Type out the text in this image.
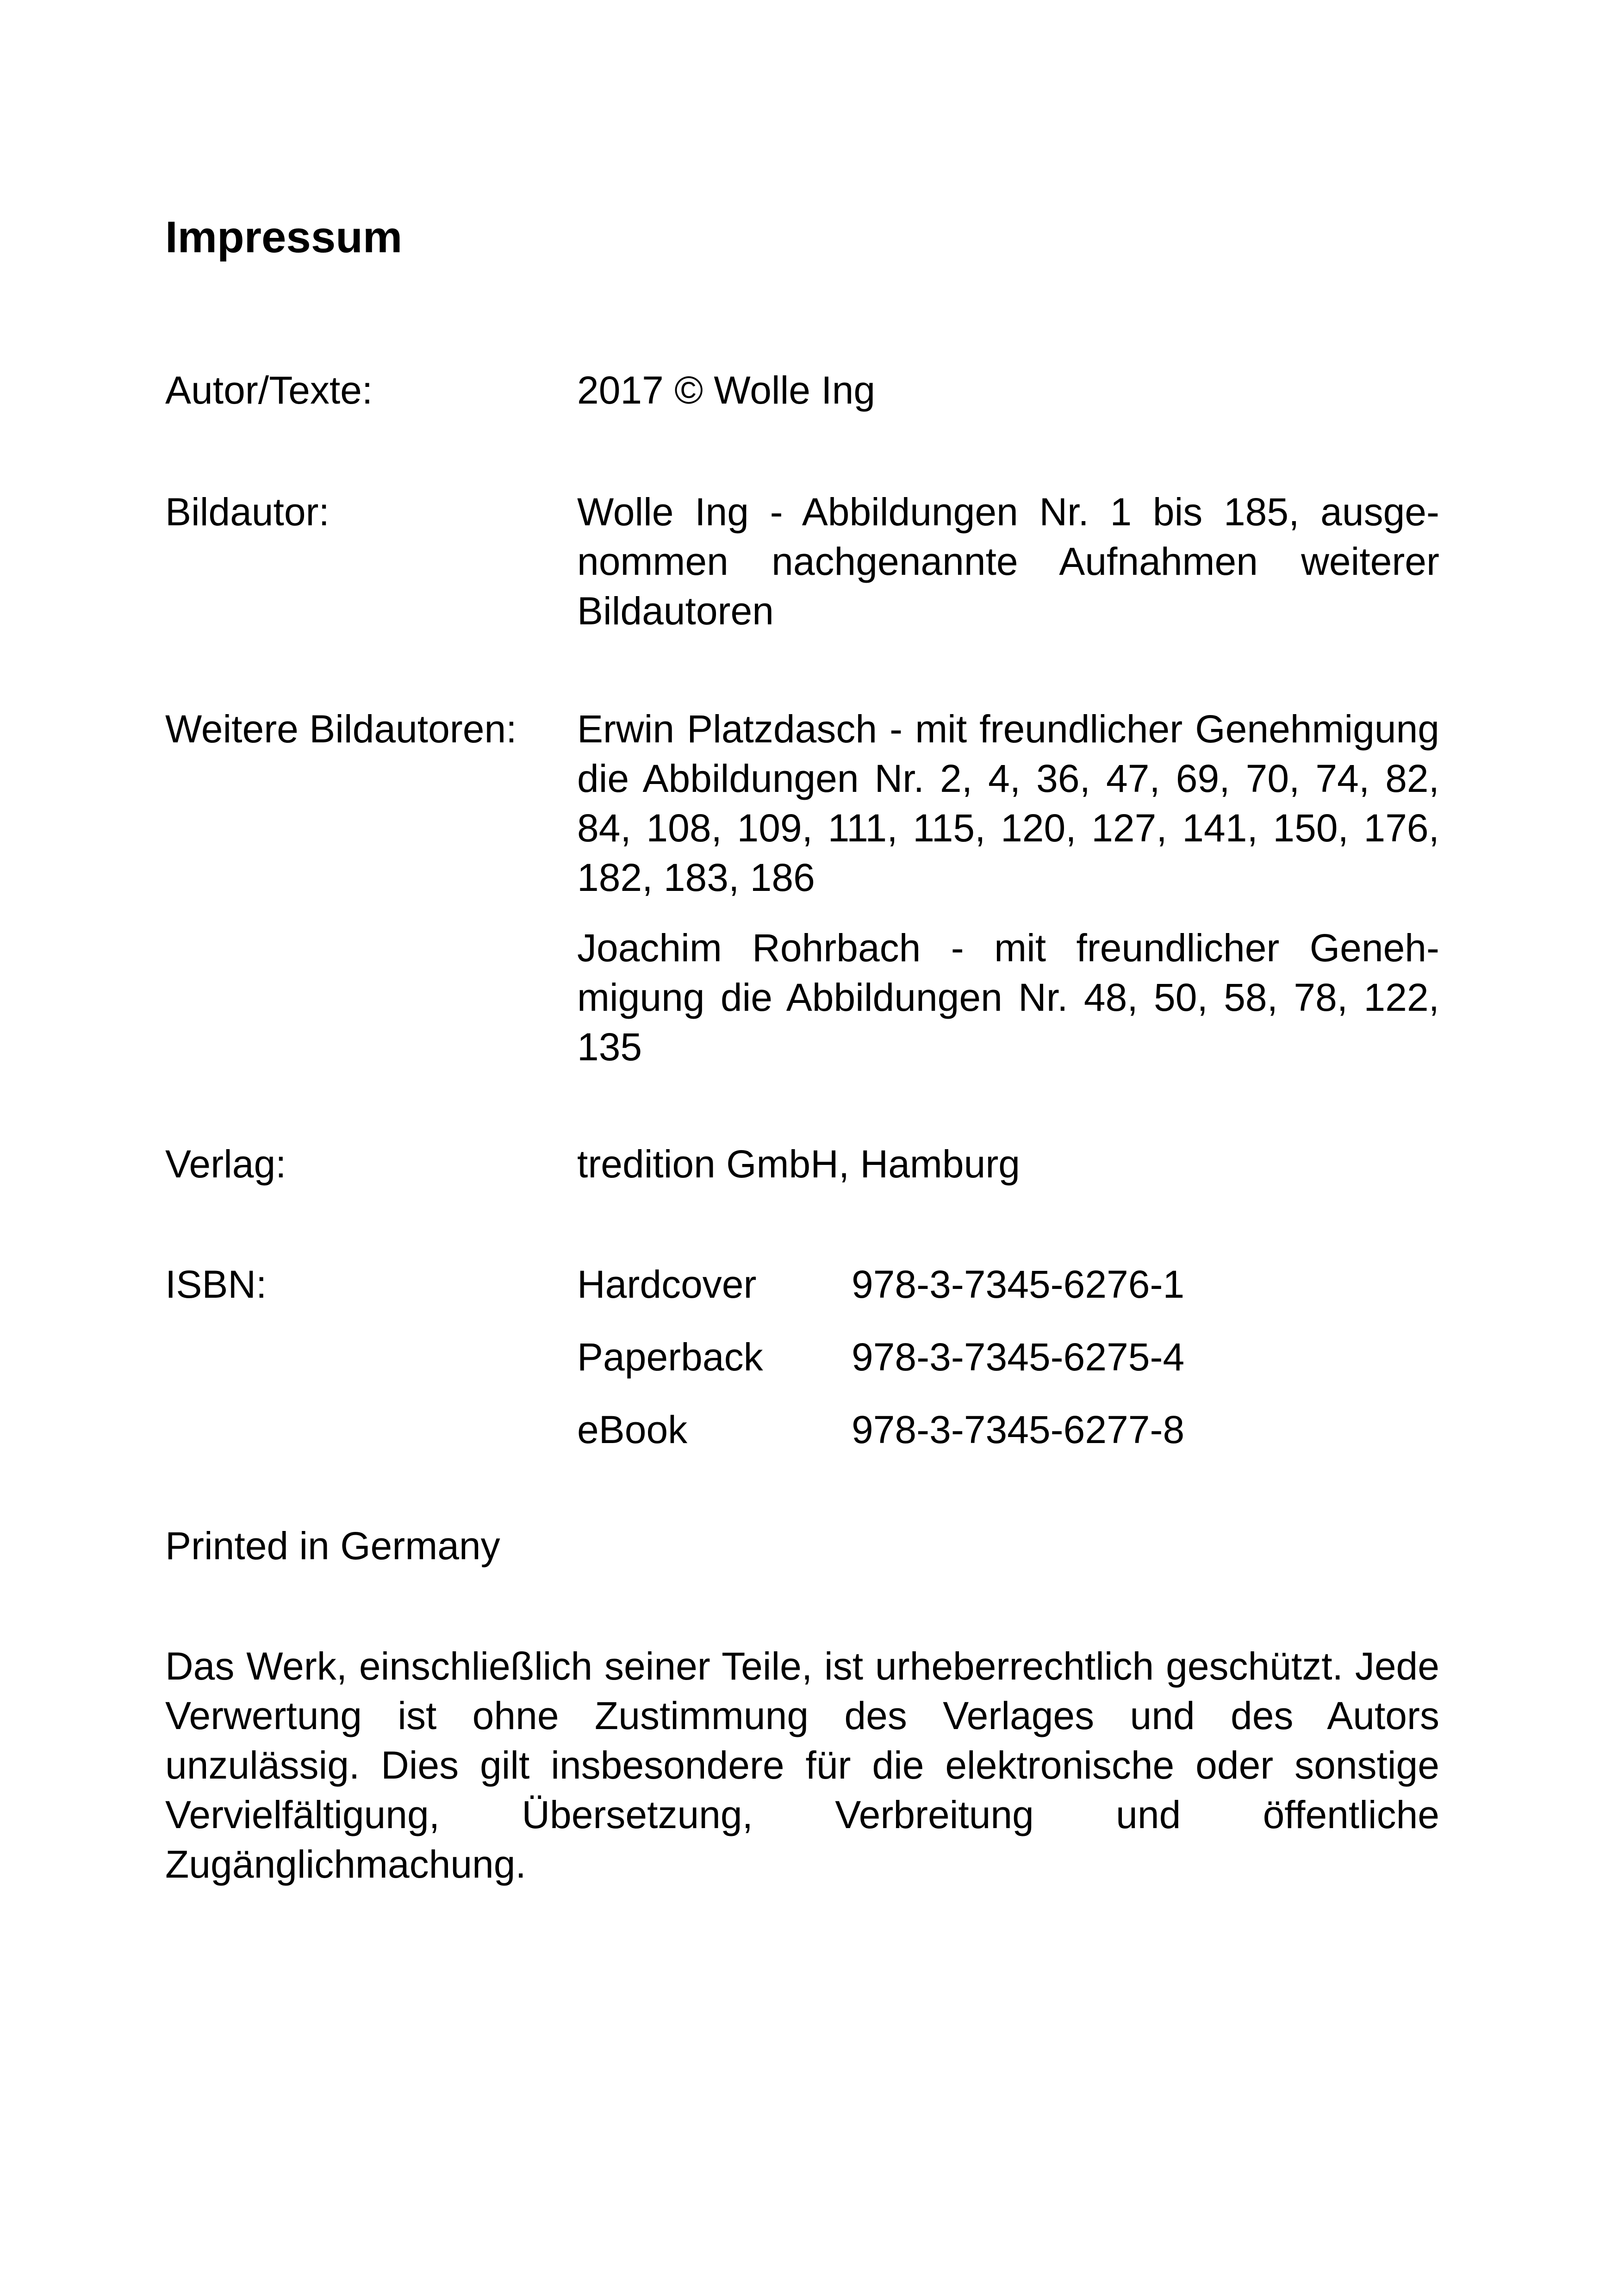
Impressum
Autor/Texte:	2017 © Wolle Ing

Bildautor:	Wolle Ing - Abbildungen Nr. 1 bis 185, ausgenommen nachgenannte Aufnahmen weiterer Bildautoren

Weitere Bildautoren: Erwin Platzdasch - mit freundlicher Genehmigung die Abbildungen Nr. 2, 4, 36, 47, 69, 70, 74, 82, 84, 108, 109, 111, 115, 120, 127, 141, 150, 176, 182, 183, 186

Joachim Rohrbach - mit freundlicher Genehmigung die Abbildungen Nr. 48, 50, 58, 78, 122, 135

Verlag:	tredition GmbH, Hamburg

ISBN:	Hardcover 978-3-7345-6276-1
Paperback 978-3-7345-6275-4
eBook	978-3-7345-6277-8

Printed in Germany

Das Werk, einschließlich seiner Teile, ist urheberrechtlich geschützt. Jede Verwertung ist ohne Zustimmung des Verlages und des Autors unzulässig. Dies gilt insbesondere für die elektronische oder sonstige Vervielfältigung, Übersetzung, Verbreitung und öffentliche Zugänglichmachung.
